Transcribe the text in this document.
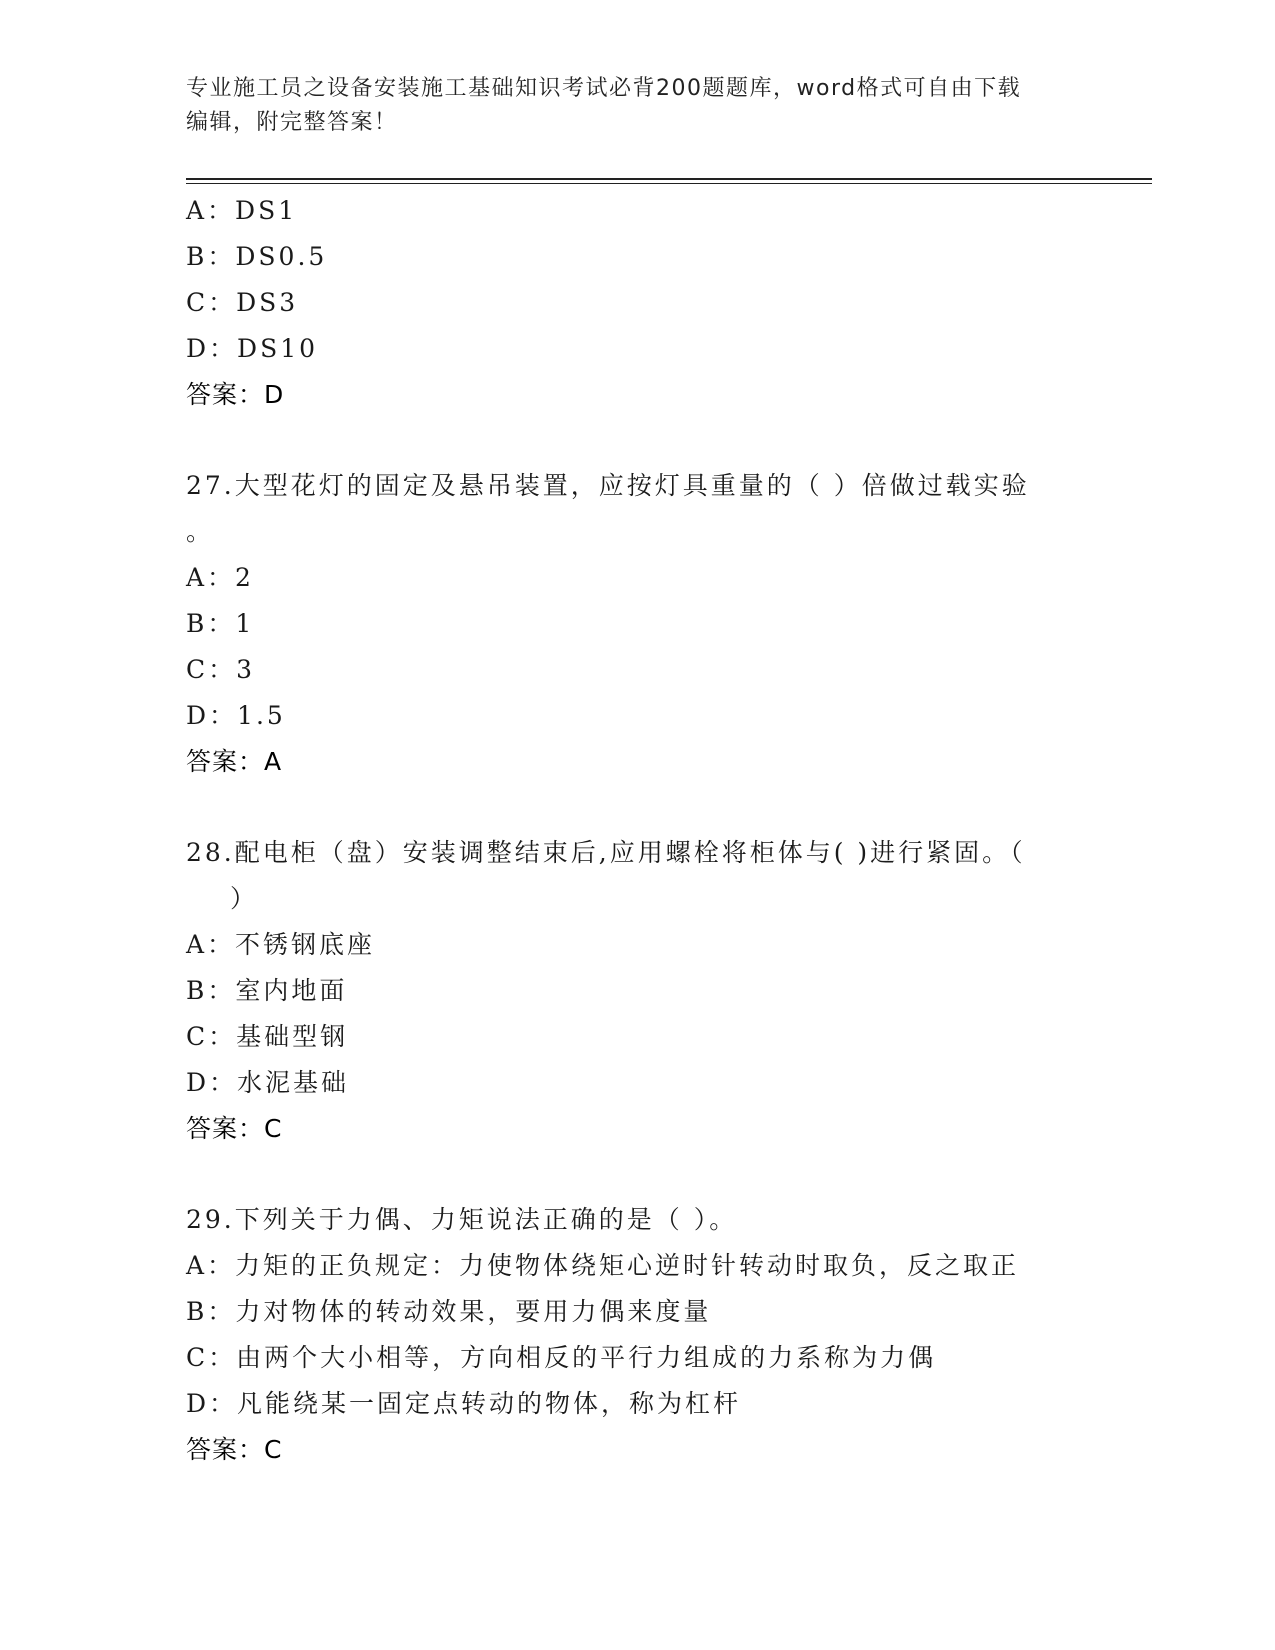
专业施工员之设备安装施工基础知识考试必背200题题库，word格式可自由下载
编辑，附完整答案！
A：DS1
B：DS0.5
C：DS3
D：DS10
答案：D
27.大型花灯的固定及悬吊装置，应按灯具重量的（ ）倍做过载实验
。
A：2
B：1
C：3
D：1.5
答案：A
28.配电柜（盘）安装调整结束后,应用螺栓将柜体与( )进行紧固。（
）
A：不锈钢底座
B：室内地面
C：基础型钢
D：水泥基础
答案：C
29.下列关于力偶、力矩说法正确的是（ ）。
A：力矩的正负规定：力使物体绕矩心逆时针转动时取负，反之取正
B：力对物体的转动效果，要用力偶来度量
C：由两个大小相等，方向相反的平行力组成的力系称为力偶
D：凡能绕某一固定点转动的物体，称为杠杆
答案：C
